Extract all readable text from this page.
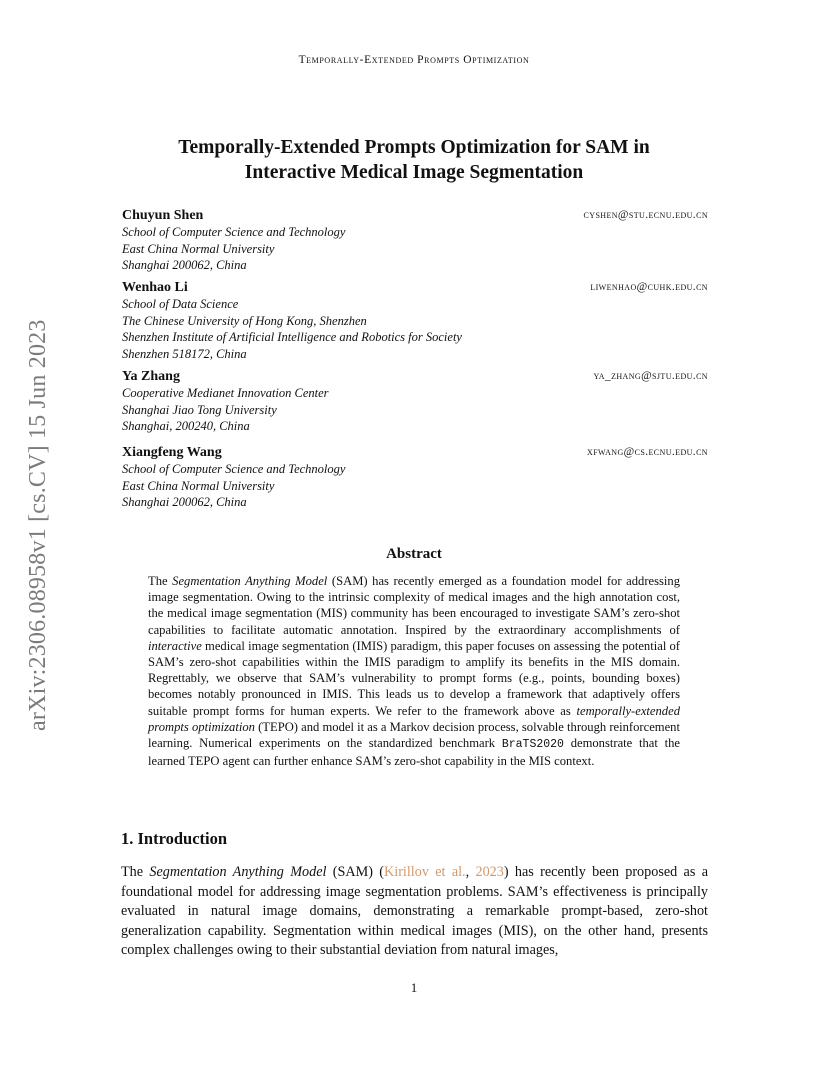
Temporally-Extended Prompts Optimization
arXiv:2306.08958v1 [cs.CV] 15 Jun 2023
Temporally-Extended Prompts Optimization for SAM in
Interactive Medical Image Segmentation
Chuyun Shen	cyshen@stu.ecnu.edu.cn
School of Computer Science and Technology
East China Normal University
Shanghai 200062, China
Wenhao Li	liwenhao@cuhk.edu.cn
School of Data Science
The Chinese University of Hong Kong, Shenzhen
Shenzhen Institute of Artificial Intelligence and Robotics for Society
Shenzhen 518172, China
Ya Zhang	ya_zhang@sjtu.edu.cn
Cooperative Medianet Innovation Center
Shanghai Jiao Tong University
Shanghai, 200240, China
Xiangfeng Wang	xfwang@cs.ecnu.edu.cn
School of Computer Science and Technology
East China Normal University
Shanghai 200062, China
Abstract
The Segmentation Anything Model (SAM) has recently emerged as a foundation model for addressing image segmentation. Owing to the intrinsic complexity of medical images and the high annotation cost, the medical image segmentation (MIS) community has been encouraged to investigate SAM’s zero-shot capabilities to facilitate automatic annotation. Inspired by the extraordinary accomplishments of interactive medical image segmentation (IMIS) paradigm, this paper focuses on assessing the potential of SAM’s zero-shot capabilities within the IMIS paradigm to amplify its benefits in the MIS domain. Regrettably, we observe that SAM’s vulnerability to prompt forms (e.g., points, bounding boxes) becomes notably pronounced in IMIS. This leads us to develop a framework that adaptively offers suitable prompt forms for human experts. We refer to the framework above as temporally-extended prompts optimization (TEPO) and model it as a Markov decision process, solvable through reinforcement learning. Numerical experiments on the standardized benchmark BraTS2020 demonstrate that the learned TEPO agent can further enhance SAM’s zero-shot capability in the MIS context.
1. Introduction
The Segmentation Anything Model (SAM) (Kirillov et al., 2023) has recently been proposed as a foundational model for addressing image segmentation problems. SAM’s effectiveness is principally evaluated in natural image domains, demonstrating a remarkable prompt-based, zero-shot generalization capability. Segmentation within medical images (MIS), on the other hand, presents complex challenges owing to their substantial deviation from natural images,
1
